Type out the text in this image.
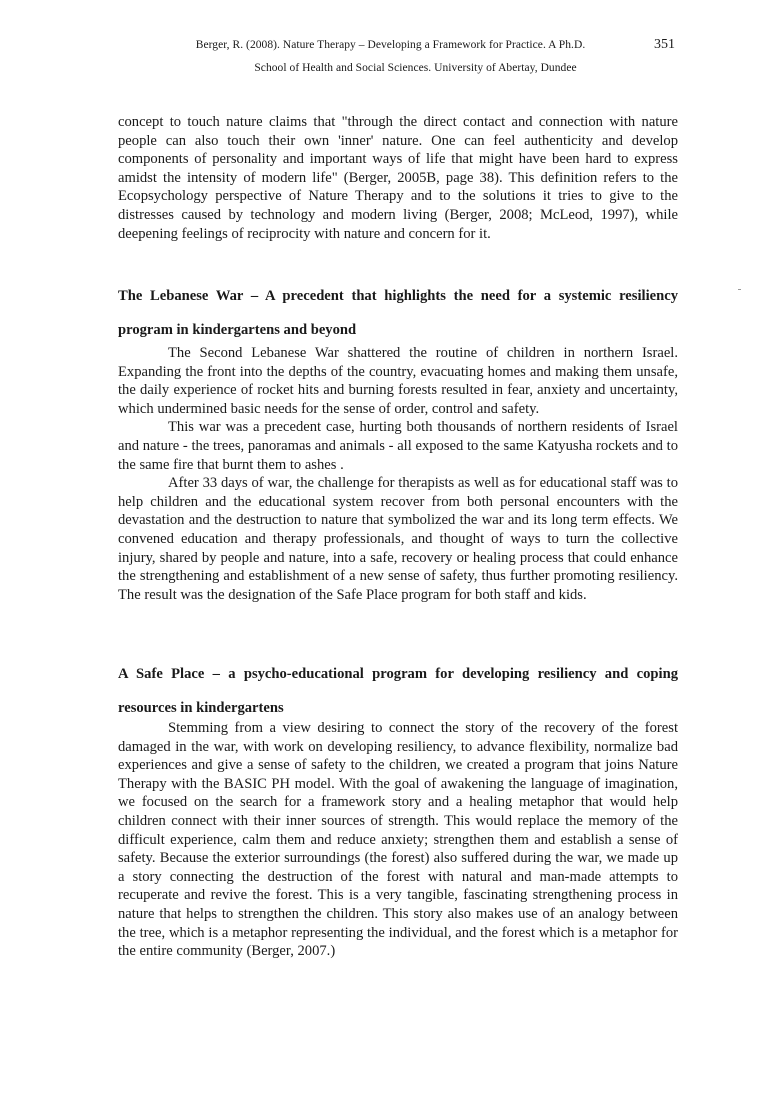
Berger, R. (2008). Nature Therapy – Developing a Framework for Practice. A Ph.D.	351
School of Health and Social Sciences. University of Abertay, Dundee

concept to touch nature claims that "through the direct contact and connection with nature people can also touch their own 'inner' nature. One can feel authenticity and develop components of personality and important ways of life that might have been hard to express amidst the intensity of modern life" (Berger, 2005B, page 38). This definition refers to the Ecopsychology perspective of Nature Therapy and to the solutions it tries to give to the distresses caused by technology and modern living (Berger, 2008; McLeod, 1997), while deepening feelings of reciprocity with nature and concern for it.

The Lebanese War – A precedent that highlights the need for a systemic resiliency program in kindergartens and beyond

The Second Lebanese War shattered the routine of children in northern Israel. Expanding the front into the depths of the country, evacuating homes and making them unsafe, the daily experience of rocket hits and burning forests resulted in fear, anxiety and uncertainty, which undermined basic needs for the sense of order, control and safety.

This war was a precedent case, hurting both thousands of northern residents of Israel and nature - the trees, panoramas and animals - all exposed to the same Katyusha rockets and to the same fire that burnt them to ashes .

After 33 days of war, the challenge for therapists as well as for educational staff was to help children and the educational system recover from both personal encounters with the devastation and the destruction to nature that symbolized the war and its long term effects. We convened education and therapy professionals, and thought of ways to turn the collective injury, shared by people and nature, into a safe, recovery or healing process that could enhance the strengthening and establishment of a new sense of safety, thus further promoting resiliency. The result was the designation of the Safe Place program for both staff and kids.

A Safe Place – a psycho-educational program for developing resiliency and coping resources in kindergartens

Stemming from a view desiring to connect the story of the recovery of the forest damaged in the war, with work on developing resiliency, to advance flexibility, normalize bad experiences and give a sense of safety to the children, we created a program that joins Nature Therapy with the BASIC PH model. With the goal of awakening the language of imagination, we focused on the search for a framework story and a healing metaphor that would help children connect with their inner sources of strength. This would replace the memory of the difficult experience, calm them and reduce anxiety; strengthen them and establish a sense of safety. Because the exterior surroundings (the forest) also suffered during the war, we made up a story connecting the destruction of the forest with natural and man-made attempts to recuperate and revive the forest. This is a very tangible, fascinating strengthening process in nature that helps to strengthen the children. This story also makes use of an analogy between the tree, which is a metaphor representing the individual, and the forest which is a metaphor for the entire community (Berger, 2007.)
